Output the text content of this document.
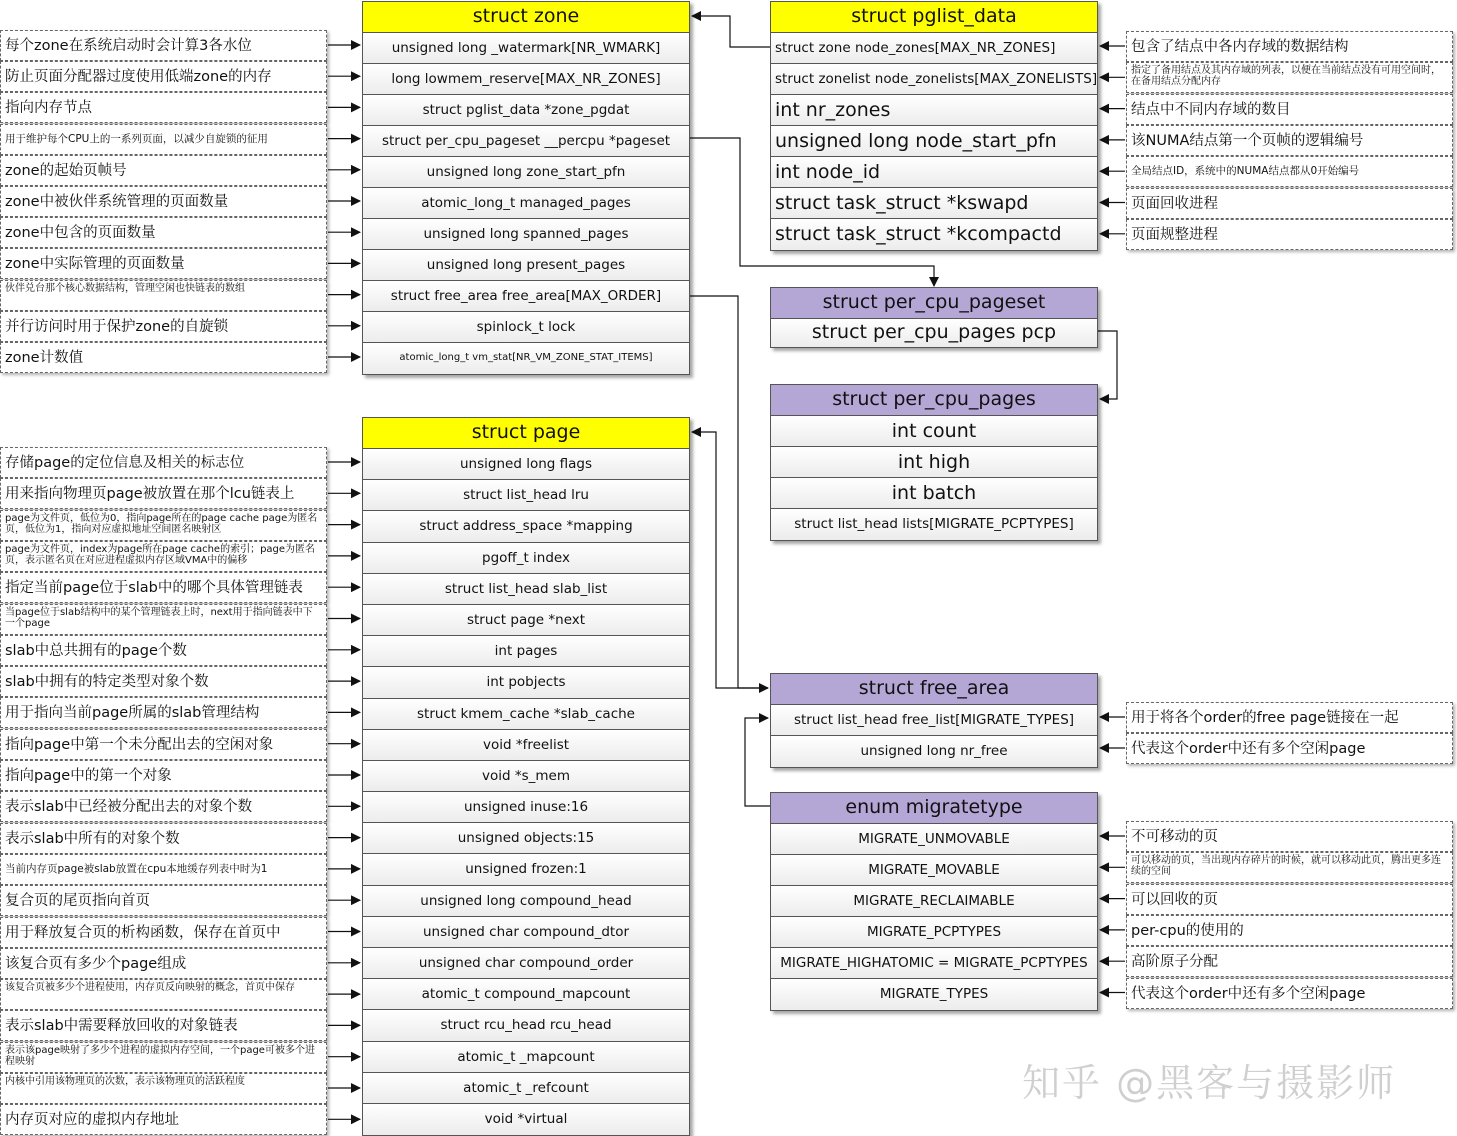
struct zone
unsigned long _watermark[NR_WMARK]
long lowmem_reserve[MAX_NR_ZONES]
struct pglist_data *zone_pgdat
struct per_cpu_pageset __percpu *pageset
unsigned long zone_start_pfn
atomic_long_t managed_pages
unsigned long spanned_pages
unsigned long present_pages
struct free_area free_area[MAX_ORDER]
spinlock_t lock
atomic_long_t vm_stat[NR_VM_ZONE_STAT_ITEMS]
struct pglist_data
struct zone node_zones[MAX_NR_ZONES]
struct zonelist node_zonelists[MAX_ZONELISTS]
int nr_zones
unsigned long node_start_pfn
int node_id
struct task_struct *kswapd
struct task_struct *kcompactd
struct per_cpu_pageset
struct per_cpu_pages pcp
struct per_cpu_pages
int count
int high
int batch
struct list_head lists[MIGRATE_PCPTYPES]
struct page
unsigned long flags
struct list_head lru
struct address_space *mapping
pgoff_t index
struct list_head slab_list
struct page *next
int pages
int pobjects
struct kmem_cache *slab_cache
void *freelist
void *s_mem
unsigned inuse:16
unsigned objects:15
unsigned frozen:1
unsigned long compound_head
unsigned char compound_dtor
unsigned char compound_order
atomic_t compound_mapcount
struct rcu_head rcu_head
atomic_t _mapcount
atomic_t _refcount
void *virtual
struct free_area
struct list_head free_list[MIGRATE_TYPES]
unsigned long nr_free
enum migratetype
MIGRATE_UNMOVABLE
MIGRATE_MOVABLE
MIGRATE_RECLAIMABLE
MIGRATE_PCPTYPES
MIGRATE_HIGHATOMIC = MIGRATE_PCPTYPES
MIGRATE_TYPES
每个zone在系统启动时会计算3各水位
防止页面分配器过度使用低端zone的内存
指向内存节点
用于维护每个CPU上的一系列页面，以减少自旋锁的征用
zone的起始页帧号
zone中被伙伴系统管理的页面数量
zone中包含的页面数量
zone中实际管理的页面数量
伙伴兑台那个核心数据结构，管理空闲也快链表的数组
并行访问时用于保护zone的自旋锁
zone计数值
存储page的定位信息及相关的标志位
用来指向物理页page被放置在那个lcu链表上
page为文件页，低位为0，指向page所在的page cache page为匿名页，低位为1，指向对应虚拟地址空间匿名映射区
page为文件页，index为page所在page cache的索引；page为匿名页，表示匿名页在对应进程虚拟内存区域VMA中的偏移
指定当前page位于slab中的哪个具体管理链表
当page位于slab结构中的某个管理链表上时，next用于指向链表中下一个page
slab中总共拥有的page个数
slab中拥有的特定类型对象个数
用于指向当前page所属的slab管理结构
指向page中第一个未分配出去的空闲对象
指向page中的第一个对象
表示slab中已经被分配出去的对象个数
表示slab中所有的对象个数
当前内存页page被slab放置在cpu本地缓存列表中时为1
复合页的尾页指向首页
用于释放复合页的析构函数，保存在首页中
该复合页有多少个page组成
该复合页被多少个进程使用，内存页反向映射的概念，首页中保存
表示slab中需要释放回收的对象链表
表示该page映射了多少个进程的虚拟内存空间，一个page可被多个进程映射
内核中引用该物理页的次数，表示该物理页的活跃程度
内存页对应的虚拟内存地址
包含了结点中各内存域的数据结构
指定了备用结点及其内存域的列表，以便在当前结点没有可用空间时，在备用结点分配内存
结点中不同内存域的数目
该NUMA结点第一个页帧的逻辑编号
全局结点ID，系统中的NUMA结点都从0开始编号
页面回收进程
页面规整进程
用于将各个order的free page链接在一起
代表这个order中还有多个空闲page
不可移动的页
可以移动的页，当出现内存碎片的时候，就可以移动此页，腾出更多连续的空间
可以回收的页
per-cpu的使用的
高阶原子分配
代表这个order中还有多个空闲page
知乎 @黑客与摄影师
